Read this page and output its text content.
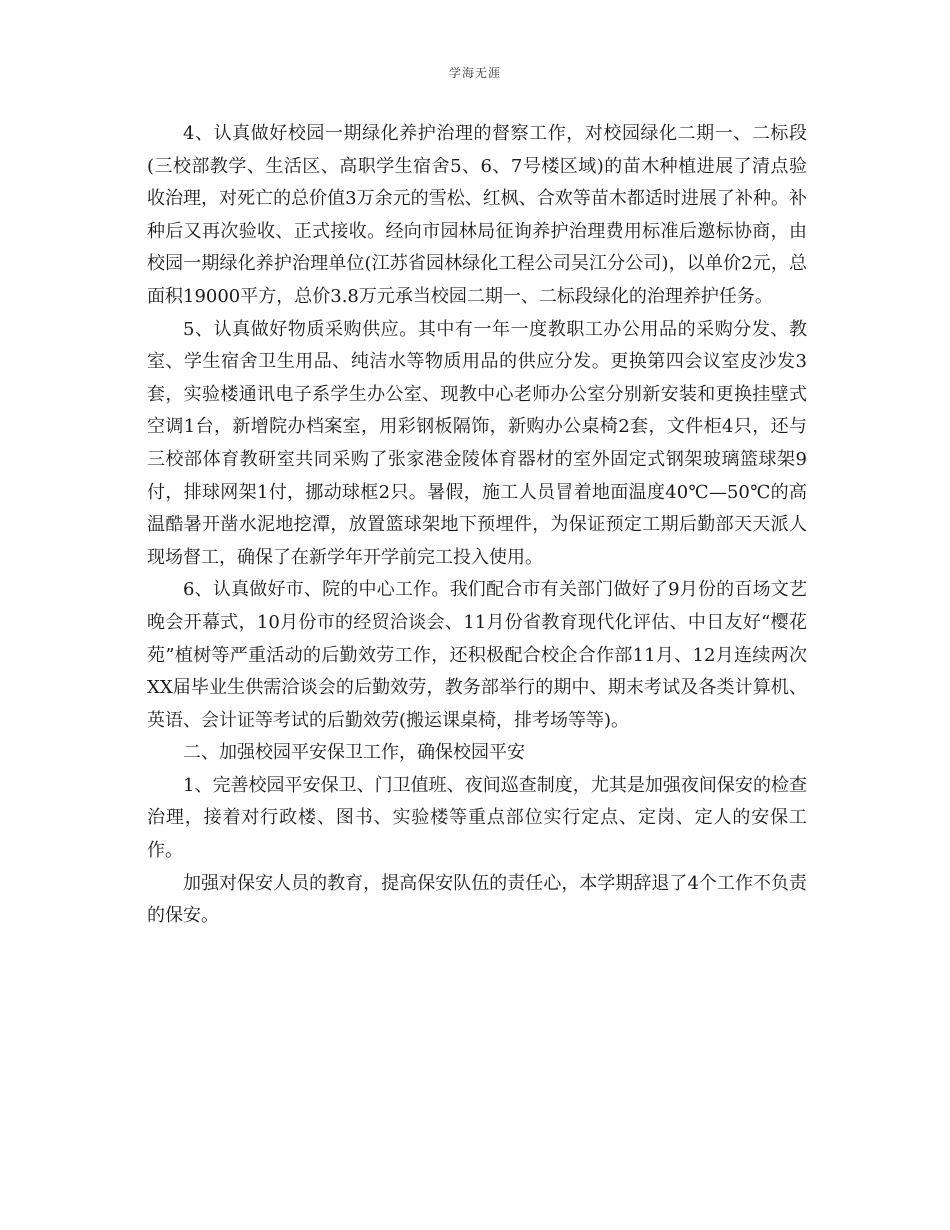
学海无涯

4、认真做好校园一期绿化养护治理的督察工作，对校园绿化二期一、二标段(三校部教学、生活区、高职学生宿舍5、6、7号楼区域)的苗木种植进展了清点验收治理，对死亡的总价值3万余元的雪松、红枫、合欢等苗木都适时进展了补种。补种后又再次验收、正式接收。经向市园林局征询养护治理费用标准后邀标协商，由校园一期绿化养护治理单位(江苏省园林绿化工程公司吴江分公司)，以单价2元，总面积19000平方，总价3.8万元承当校园二期一、二标段绿化的治理养护任务。

5、认真做好物质采购供应。其中有一年一度教职工办公用品的采购分发、教室、学生宿舍卫生用品、纯洁水等物质用品的供应分发。更换第四会议室皮沙发3套，实验楼通讯电子系学生办公室、现教中心老师办公室分别新安装和更换挂壁式空调1台，新增院办档案室，用彩钢板隔饰，新购办公桌椅2套，文件柜4只，还与三校部体育教研室共同采购了张家港金陵体育器材的室外固定式钢架玻璃篮球架9付，排球网架1付，挪动球框2只。暑假，施工人员冒着地面温度40℃—50℃的高温酷暑开凿水泥地挖潭，放置篮球架地下预埋件，为保证预定工期后勤部天天派人现场督工，确保了在新学年开学前完工投入使用。

6、认真做好市、院的中心工作。我们配合市有关部门做好了9月份的百场文艺晚会开幕式，10月份市的经贸洽谈会、11月份省教育现代化评估、中日友好“樱花苑”植树等严重活动的后勤效劳工作，还积极配合校企合作部11月、12月连续两次XX届毕业生供需洽谈会的后勤效劳，教务部举行的期中、期末考试及各类计算机、英语、会计证等考试的后勤效劳(搬运课桌椅，排考场等等)。

二、加强校园平安保卫工作，确保校园平安

1、完善校园平安保卫、门卫值班、夜间巡查制度，尤其是加强夜间保安的检查治理，接着对行政楼、图书、实验楼等重点部位实行定点、定岗、定人的安保工作。

加强对保安人员的教育，提高保安队伍的责任心，本学期辞退了4个工作不负责的保安。
